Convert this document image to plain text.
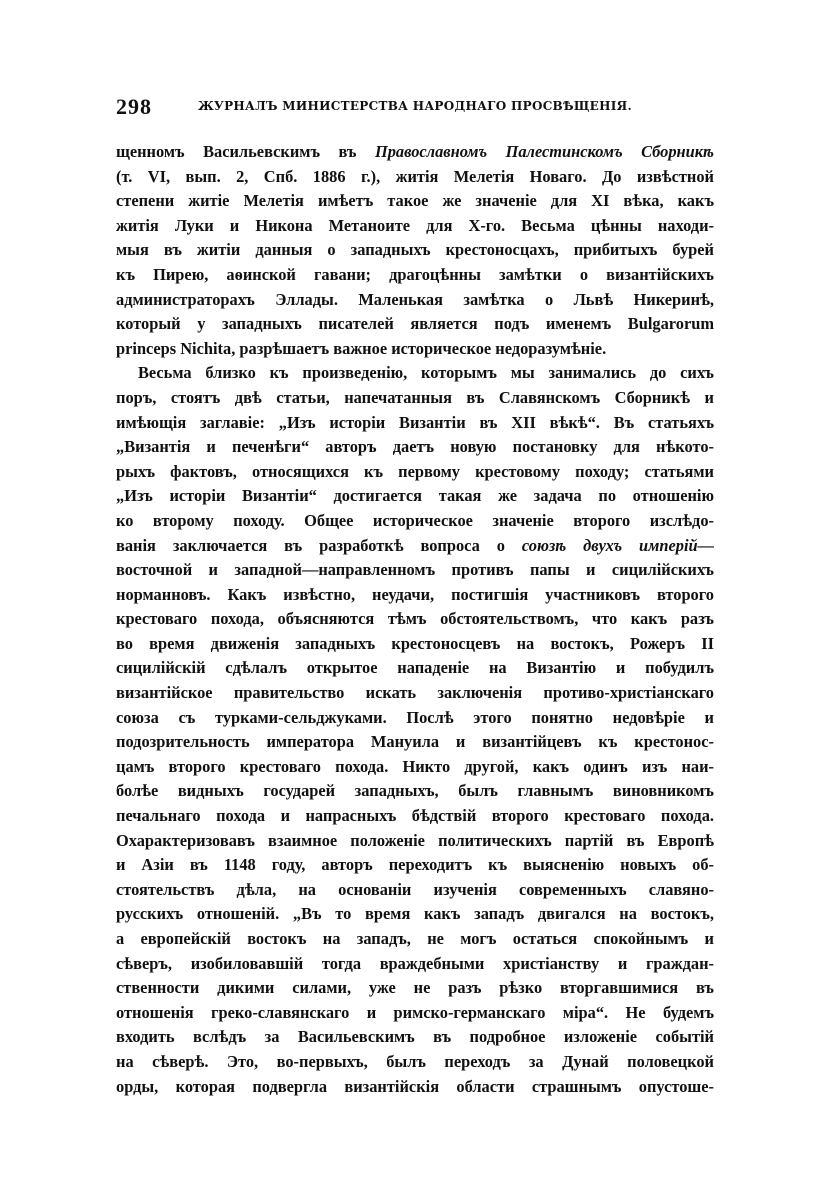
298	ЖУРНАЛЪ МИНИСТЕРСТВА НАРОДНАГО ПРОСВѢЩЕНІЯ.
щенномъ Васильевскимъ въ Православномъ Палестинскомъ Сборникѣ
(т. VI, вып. 2, Спб. 1886 г.), житія Мелетія Новаго. До извѣстной
степени житіе Мелетія имѣетъ такое же значеніе для XI вѣка, какъ
житія Луки и Никона Метаноите для X-го. Весьма цѣнны находи-
мыя въ житіи данныя о западныхъ крестоносцахъ, прибитыхъ бурей
къ Пирею, аѳинской гавани; драгоцѣнны замѣтки о византійскихъ
администраторахъ Эллады. Маленькая замѣтка о Львѣ Никеринѣ,
который у западныхъ писателей является подъ именемъ Bulgarorum
princeps Nichita, разрѣшаетъ важное историческое недоразумѣніе.
Весьма близко къ произведенію, которымъ мы занимались до сихъ
поръ, стоятъ двѣ статьи, напечатанныя въ Славянскомъ Сборникѣ и
имѣющія заглавіе: „Изъ исторіи Византіи въ XII вѣкѣ“. Въ статьяхъ
„Византія и печенѣги“ авторъ даетъ новую постановку для нѣкото-
рыхъ фактовъ, относящихся къ первому крестовому походу; статьями
„Изъ исторіи Византіи“ достигается такая же задача по отношенію
ко второму походу. Общее историческое значеніе второго изслѣдо-
ванія заключается въ разработкѣ вопроса о союзѣ двухъ имперій—
восточной и западной—направленномъ противъ папы и сицилійскихъ
норманновъ. Какъ извѣстно, неудачи, постигшія участниковъ второго
крестоваго похода, объясняются тѣмъ обстоятельствомъ, что какъ разъ
во время движенія западныхъ крестоносцевъ на востокъ, Рожеръ II
сицилійскій сдѣлалъ открытое нападеніе на Византію и побудилъ
византійское правительство искать заключенія противо-христіанскаго
союза съ турками-сельджуками. Послѣ этого понятно недовѣріе и
подозрительность императора Мануила и византійцевъ къ крестонос-
цамъ второго крестоваго похода. Никто другой, какъ одинъ изъ наи-
болѣе видныхъ государей западныхъ, былъ главнымъ виновникомъ
печальнаго похода и напрасныхъ бѣдствій второго крестоваго похода.
Охарактеризовавъ взаимное положеніе политическихъ партій въ Европѣ
и Азіи въ 1148 году, авторъ переходитъ къ выясненію новыхъ об-
стоятельствъ дѣла, на основаніи изученія современныхъ славяно-
русскихъ отношеній. „Въ то время какъ западъ двигался на востокъ,
а европейскій востокъ на западъ, не могъ остаться спокойнымъ и
сѣверъ, изобиловавшій тогда враждебными христіанству и граждан-
ственности дикими силами, уже не разъ рѣзко вторгавшимися въ
отношенія греко-славянскаго и римско-германскаго міра“. Не будемъ
входить вслѣдъ за Васильевскимъ въ подробное изложеніе событій
на сѣверѣ. Это, во-первыхъ, былъ переходъ за Дунай половецкой
орды, которая подвергла византійскія области страшнымъ опустоше-
